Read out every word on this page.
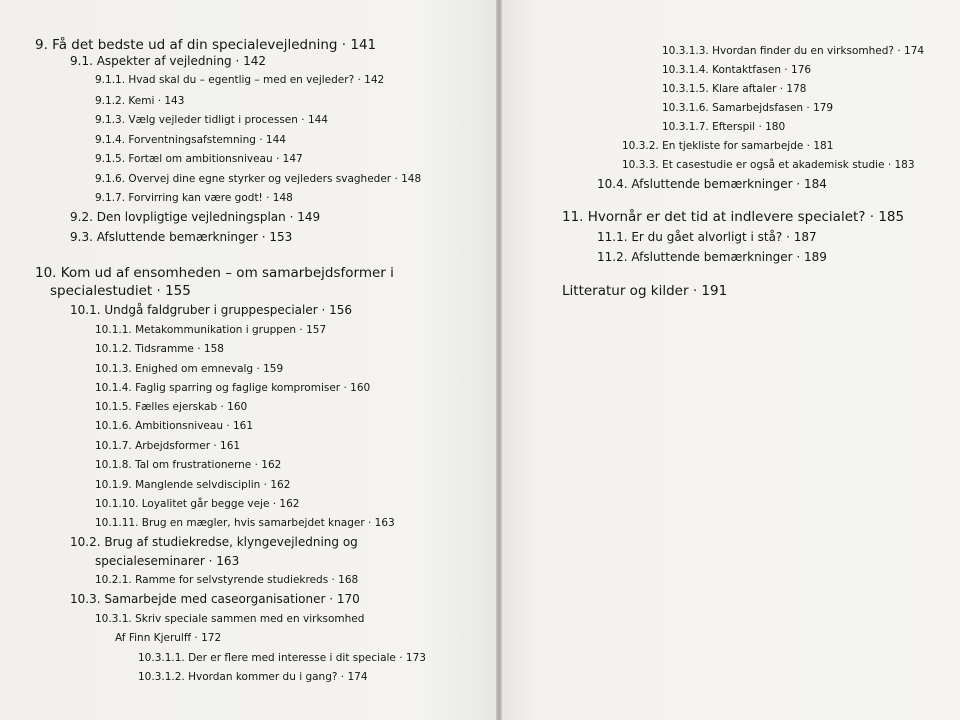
9. Få det bedste ud af din specialevejledning · 141
9.1. Aspekter af vejledning · 142
9.1.1. Hvad skal du – egentlig – med en vejleder? · 142
9.1.2. Kemi · 143
9.1.3. Vælg vejleder tidligt i processen · 144
9.1.4. Forventningsafstemning · 144
9.1.5. Fortæl om ambitionsniveau · 147
9.1.6. Overvej dine egne styrker og vejleders svagheder · 148
9.1.7. Forvirring kan være godt! · 148
9.2. Den lovpligtige vejledningsplan · 149
9.3. Afsluttende bemærkninger · 153
10. Kom ud af ensomheden – om samarbejdsformer i
specialestudiet · 155
10.1. Undgå faldgruber i gruppespecialer · 156
10.1.1. Metakommunikation i gruppen · 157
10.1.2. Tidsramme · 158
10.1.3. Enighed om emnevalg · 159
10.1.4. Faglig sparring og faglige kompromiser · 160
10.1.5. Fælles ejerskab · 160
10.1.6. Ambitionsniveau · 161
10.1.7. Arbejdsformer · 161
10.1.8. Tal om frustrationerne · 162
10.1.9. Manglende selvdisciplin · 162
10.1.10. Loyalitet går begge veje · 162
10.1.11. Brug en mægler, hvis samarbejdet knager · 163
10.2. Brug af studiekredse, klyngevejledning og
specialeseminarer · 163
10.2.1. Ramme for selvstyrende studiekreds · 168
10.3. Samarbejde med caseorganisationer · 170
10.3.1. Skriv speciale sammen med en virksomhed
Af Finn Kjerulff · 172
10.3.1.1. Der er flere med interesse i dit speciale · 173
10.3.1.2. Hvordan kommer du i gang? · 174
10.3.1.3. Hvordan finder du en virksomhed? · 174
10.3.1.4. Kontaktfasen · 176
10.3.1.5. Klare aftaler · 178
10.3.1.6. Samarbejdsfasen · 179
10.3.1.7. Efterspil · 180
10.3.2. En tjekliste for samarbejde · 181
10.3.3. Et casestudie er også et akademisk studie · 183
10.4. Afsluttende bemærkninger · 184
11. Hvornår er det tid at indlevere specialet? · 185
11.1. Er du gået alvorligt i stå? · 187
11.2. Afsluttende bemærkninger · 189
Litteratur og kilder · 191
